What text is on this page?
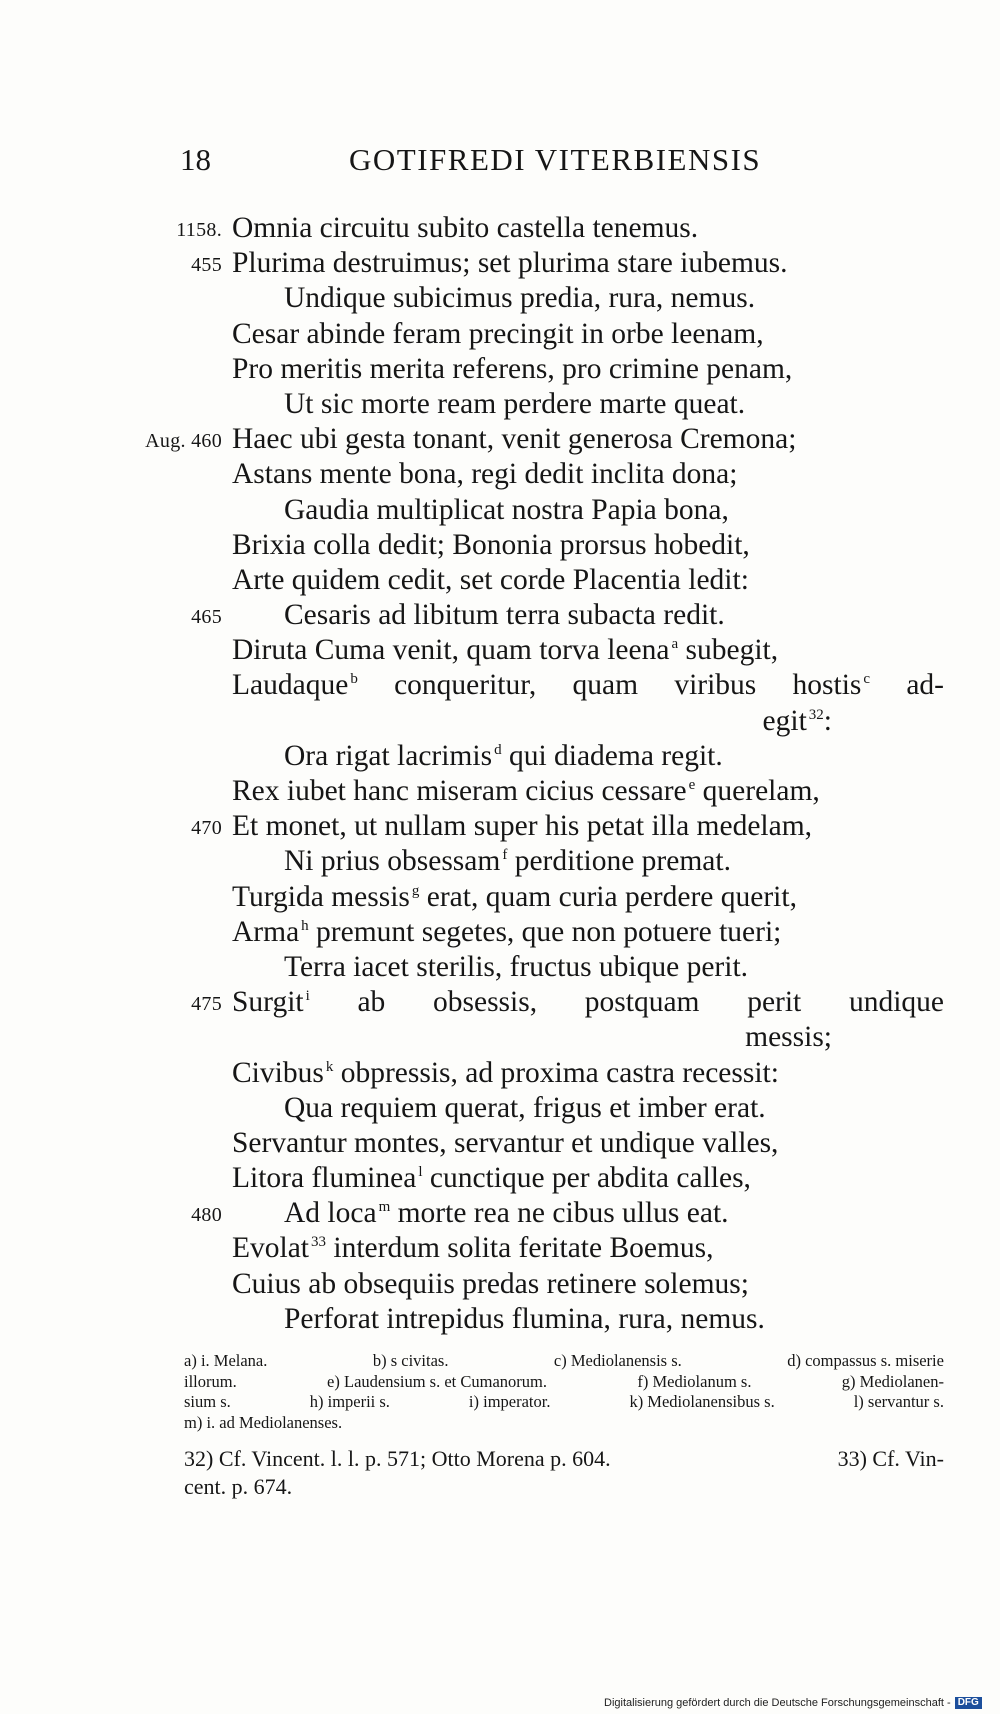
18	GOTIFREDI VITERBIENSIS
1158. Omnia circuitu subito castella tenemus.
455 Plurima destruimus; set plurima stare iubemus.
Undique subicimus predia, rura, nemus.
Cesar abinde feram precingit in orbe leenam,
Pro meritis merita referens, pro crimine penam,
Ut sic morte ream perdere marte queat.
Aug. 460 Haec ubi gesta tonant, venit generosa Cremona;
Astans mente bona, regi dedit inclita dona;
Gaudia multiplicat nostra Papia bona,
Brixia colla dedit; Bononia prorsus hobedit,
Arte quidem cedit, set corde Placentia ledit:
465 Cesaris ad libitum terra subacta redit.
Diruta Cuma venit, quam torva leena $^a$ subegit,
Laudaque $^b$ conqueritur, quam viribus hostis $^c$ ad-
egit $^{32}$:
Ora rigat lacrimis $^d$ qui diadema regit.
Rex iubet hanc miseram cicius cessare $^e$ querelam,
470 Et monet, ut nullam super his petat illa medelam,
Ni prius obsessam $^f$ perditione premat.
Turgida messis $^g$ erat, quam curia perdere querit,
Arma $^h$ premunt segetes, que non potuere tueri;
Terra iacet sterilis, fructus ubique perit.
475 Surgit $^i$ ab obsessis, postquam perit undique
messis;
Civibus $^k$ obpressis, ad proxima castra recessit:
Qua requiem querat, frigus et imber erat.
Servantur montes, servantur et undique valles,
Litora fluminea $^l$ cunctique per abdita calles,
480 Ad loca $^m$ morte rea ne cibus ullus eat.
Evolat $^{33}$ interdum solita feritate Boemus,
Cuius ab obsequiis predas retinere solemus;
Perforat intrepidus flumina, rura, nemus.
a) i. Melana.	b) s civitas.	c) Mediolanensis s.	d) compassus s. miserie
illorum.	e) Laudensium s. et Cumanorum.	f) Mediolanum s.	g) Mediolanen-
sium s.	h) imperii s.	i) imperator.	k) Mediolanensibus s.	l) servantur s.
m) i. ad Mediolanenses.
32) Cf. Vincent. l. l. p. 571; Otto Morena p. 604.	33) Cf. Vin-
cent. p. 674.
Digitalisierung gefördert durch die Deutsche Forschungsgemeinschaft - DFG
